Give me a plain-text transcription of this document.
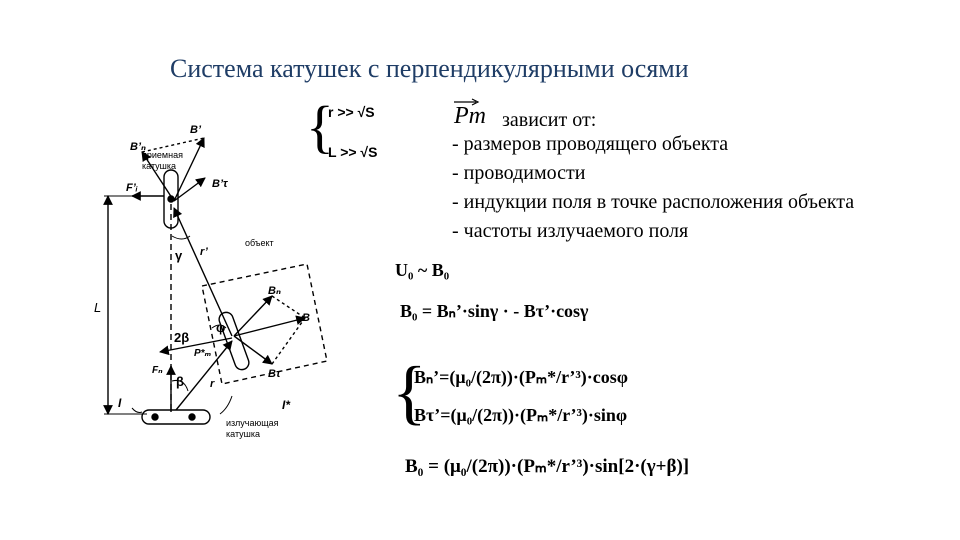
Система катушек с перпендикулярными осями
приемная
катушка
объект
излучающая
катушка
B’ₙ
B’
B’τ
F’ᵢ
r’
γ
L
Bₙ
B
Bτ
φ
2β
P*ₘ
Fₙ
r
β
I	I*
{
r >> √S
L >> √S
Pm зависит от:
- размеров проводящего объекта
- проводимости
- индукции поля в точке расположения объекта
- частоты излучаемого поля
U₀ ~ B₀
B₀ = Bₙ’·sinγ · - Bτ’·cosγ
{
Bₙ’=(μ₀/(2π))·(Pₘ*/r’³)·cosφ
Bτ’=(μ₀/(2π))·(Pₘ*/r’³)·sinφ
B₀ = (μ₀/(2π))·(Pₘ*/r’³)·sin[2·(γ+β)]
